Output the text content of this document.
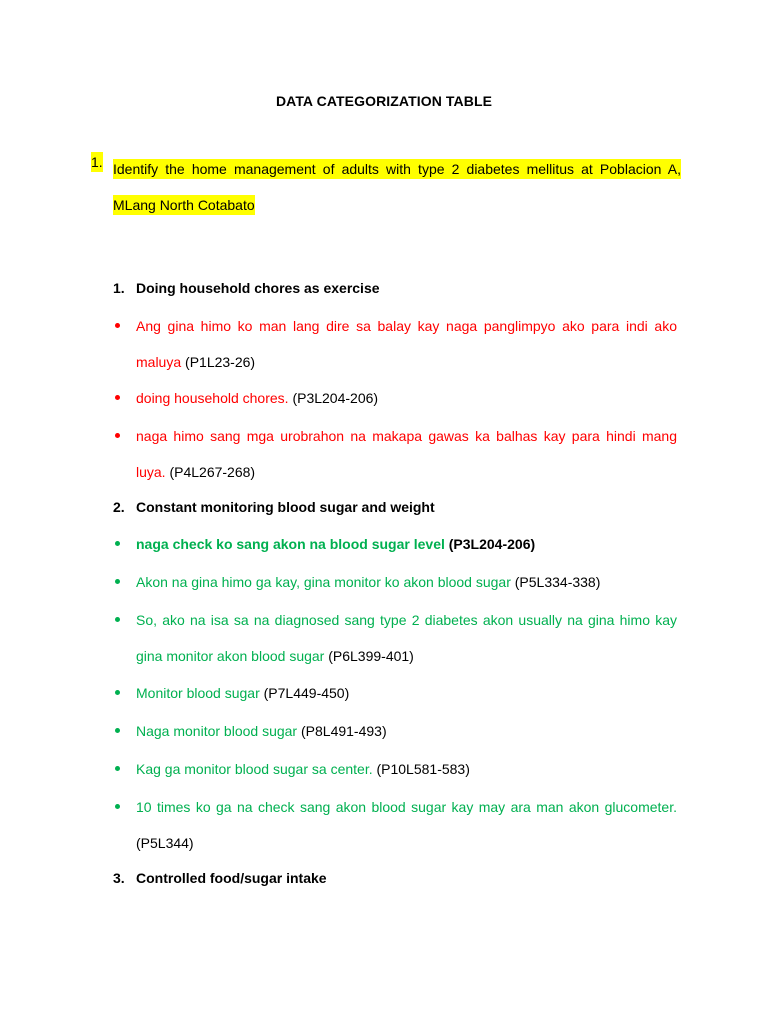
DATA CATEGORIZATION TABLE
1. Identify the home management of adults with type 2 diabetes mellitus at Poblacion A, MLang North Cotabato
1. Doing household chores as exercise
Ang gina himo ko man lang dire sa balay kay naga panglimpyo ako para indi ako maluya (P1L23-26)
doing household chores. (P3L204-206)
naga himo sang mga urobrahon na makapa gawas ka balhas kay para hindi mang luya. (P4L267-268)
2. Constant monitoring blood sugar and weight
naga check ko sang akon na blood sugar level (P3L204-206)
Akon na gina himo ga kay, gina monitor ko akon blood sugar (P5L334-338)
So, ako na isa sa na diagnosed sang type 2 diabetes akon usually na gina himo kay gina monitor akon blood sugar (P6L399-401)
Monitor blood sugar (P7L449-450)
Naga monitor blood sugar (P8L491-493)
Kag ga monitor blood sugar sa center. (P10L581-583)
10 times ko ga na check sang akon blood sugar kay may ara man akon glucometer. (P5L344)
3. Controlled food/sugar intake
